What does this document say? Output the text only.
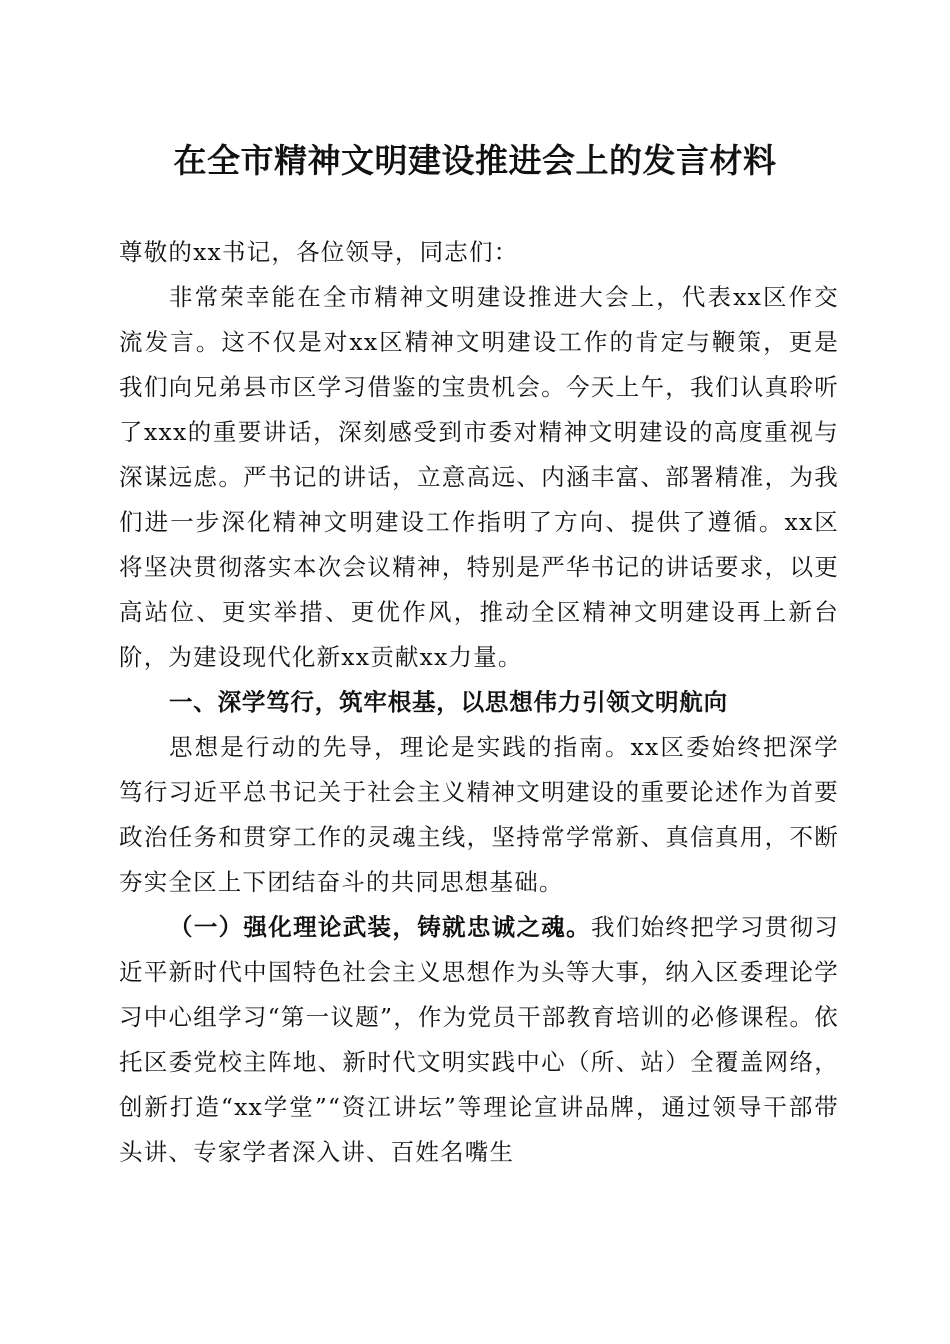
在全市精神文明建设推进会上的发言材料

尊敬的xx书记，各位领导，同志们：

非常荣幸能在全市精神文明建设推进大会上，代表xx区作交流发言。这不仅是对xx区精神文明建设工作的肯定与鞭策，更是我们向兄弟县市区学习借鉴的宝贵机会。今天上午，我们认真聆听了xxx的重要讲话，深刻感受到市委对精神文明建设的高度重视与深谋远虑。严书记的讲话，立意高远、内涵丰富、部署精准，为我们进一步深化精神文明建设工作指明了方向、提供了遵循。xx区将坚决贯彻落实本次会议精神，特别是严华书记的讲话要求，以更高站位、更实举措、更优作风，推动全区精神文明建设再上新台阶，为建设现代化新xx贡献xx力量。

一、深学笃行，筑牢根基，以思想伟力引领文明航向

思想是行动的先导，理论是实践的指南。xx区委始终把深学笃行习近平总书记关于社会主义精神文明建设的重要论述作为首要政治任务和贯穿工作的灵魂主线，坚持常学常新、真信真用，不断夯实全区上下团结奋斗的共同思想基础。

（一）强化理论武装，铸就忠诚之魂。我们始终把学习贯彻习近平新时代中国特色社会主义思想作为头等大事，纳入区委理论学习中心组学习“第一议题”，作为党员干部教育培训的必修课程。依托区委党校主阵地、新时代文明实践中心（所、站）全覆盖网络，创新打造“xx学堂”“资江讲坛”等理论宣讲品牌，通过领导干部带头讲、专家学者深入讲、百姓名嘴生
